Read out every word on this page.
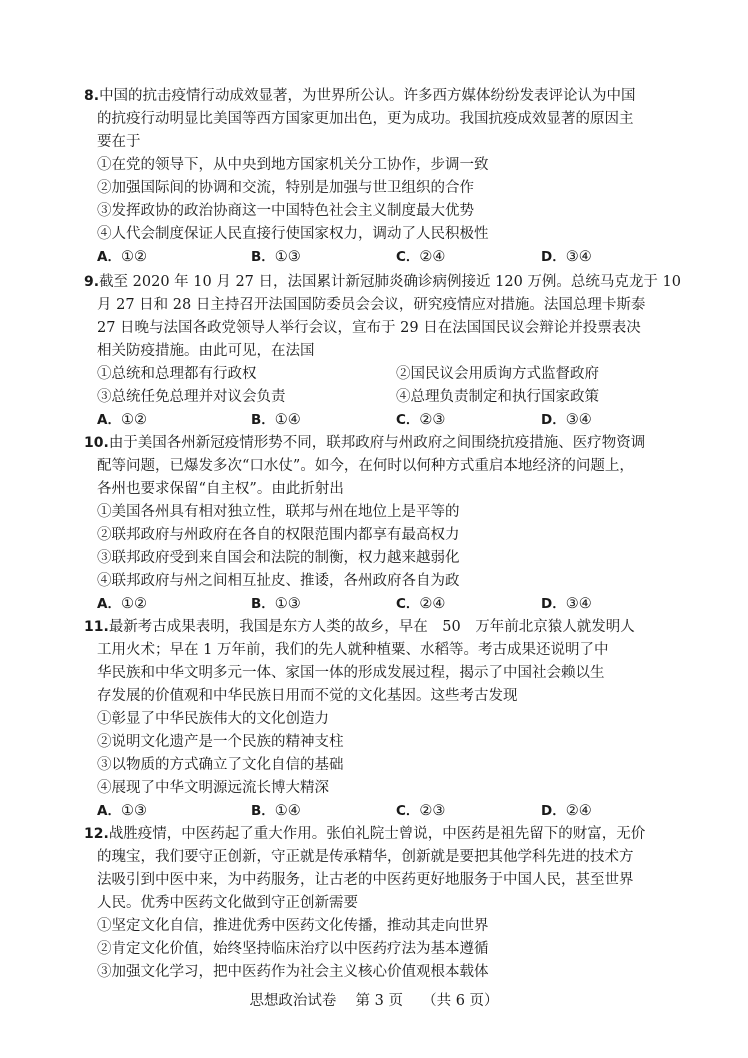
8.中国的抗击疫情行动成效显著，为世界所公认。许多西方媒体纷纷发表评论认为中国
的抗疫行动明显比美国等西方国家更加出色，更为成功。我国抗疫成效显著的原因主
要在于
①在党的领导下，从中央到地方国家机关分工协作，步调一致
②加强国际间的协调和交流，特别是加强与世卫组织的合作
③发挥政协的政治协商这一中国特色社会主义制度最大优势
④人代会制度保证人民直接行使国家权力，调动了人民积极性
A．①②	B．①③	C．②④	D．③④
9.截至 2020 年 10 月 27 日，法国累计新冠肺炎确诊病例接近 120 万例。总统马克龙于 10
月 27 日和 28 日主持召开法国国防委员会会议，研究疫情应对措施。法国总理卡斯泰
27 日晚与法国各政党领导人举行会议，宣布于 29 日在法国国民议会辩论并投票表决
相关防疫措施。由此可见，在法国
①总统和总理都有行政权	②国民议会用质询方式监督政府
③总统任免总理并对议会负责	④总理负责制定和执行国家政策
A．①②	B．①④	C．②③	D．③④
10.由于美国各州新冠疫情形势不同，联邦政府与州政府之间围绕抗疫措施、医疗物资调
配等问题，已爆发多次“口水仗”。如今，在何时以何种方式重启本地经济的问题上，
各州也要求保留“自主权”。由此折射出
①美国各州具有相对独立性，联邦与州在地位上是平等的
②联邦政府与州政府在各自的权限范围内都享有最高权力
③联邦政府受到来自国会和法院的制衡，权力越来越弱化
④联邦政府与州之间相互扯皮、推诿，各州政府各自为政
A．①②	B．①③	C．②④	D．③④
11.最新考古成果表明，我国是东方人类的故乡，早在　50　万年前北京猿人就发明人
工用火术；早在 1 万年前，我们的先人就种植粟、水稻等。考古成果还说明了中
华民族和中华文明多元一体、家国一体的形成发展过程，揭示了中国社会赖以生
存发展的价值观和中华民族日用而不觉的文化基因。这些考古发现
①彰显了中华民族伟大的文化创造力
②说明文化遗产是一个民族的精神支柱
③以物质的方式确立了文化自信的基础
④展现了中华文明源远流长博大精深
A．①③	B．①④	C．②③	D．②④
12.战胜疫情，中医药起了重大作用。张伯礼院士曾说，中医药是祖先留下的财富，无价
的瑰宝，我们要守正创新，守正就是传承精华，创新就是要把其他学科先进的技术方
法吸引到中医中来，为中药服务，让古老的中医药更好地服务于中国人民，甚至世界
人民。优秀中医药文化做到守正创新需要
①坚定文化自信，推进优秀中医药文化传播，推动其走向世界
②肯定文化价值，始终坚持临床治疗以中医药疗法为基本遵循
③加强文化学习，把中医药作为社会主义核心价值观根本载体
思想政治试卷　 第 3 页　 （共 6 页）
